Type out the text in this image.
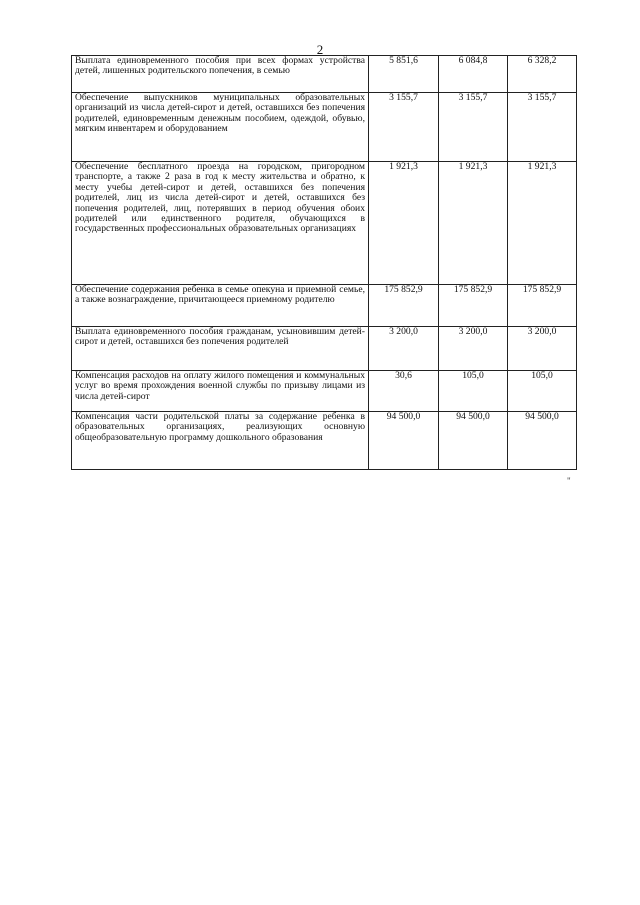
2
Выплата единовременного пособия при всех формах устройства детей, лишенных родительского попечения, в семью	5 851,6	6 084,8	6 328,2
Обеспечение выпускников муниципальных образовательных организаций из числа детей-сирот и детей, оставшихся без попечения родителей, единовременным денежным пособием, одеждой, обувью, мягким инвентарем и оборудованием	3 155,7	3 155,7	3 155,7
Обеспечение бесплатного проезда на городском, пригородном транспорте, а также 2 раза в год к месту жительства и обратно, к месту учебы детей-сирот и детей, оставшихся без попечения родителей, лиц из числа детей-сирот и детей, оставшихся без попечения родителей, лиц, потерявших в период обучения обоих родителей или единственного родителя, обучающихся в государственных профессиональных образовательных организациях	1 921,3	1 921,3	1 921,3
Обеспечение содержания ребенка в семье опекуна и приемной семье, а также вознаграждение, причитающееся приемному родителю	175 852,9	175 852,9	175 852,9
Выплата единовременного пособия гражданам, усыновившим детей-сирот и детей, оставшихся без попечения родителей	3 200,0	3 200,0	3 200,0
Компенсация расходов на оплату жилого помещения и коммунальных услуг во время прохождения военной службы по призыву лицами из числа детей-сирот	30,6	105,0	105,0
Компенсация части родительской платы за содержание ребенка в образовательных организациях, реализующих основную общеобразовательную программу дошкольного образования	94 500,0	94 500,0	94 500,0
"
